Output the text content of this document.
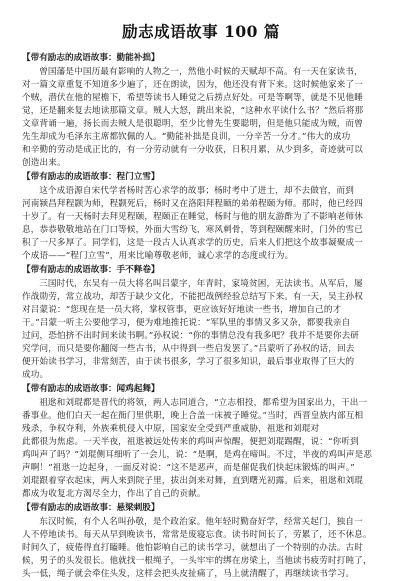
励志成语故事 100 篇
【带有励志的成语故事：勤能补拙】
曾国藩是中国历最有影响的人物之一，然他小时候的天赋却不高。有一天在家读书，
对一篇文章重复不知道多少遍了，还在朗读，因为，他还没有背下来。这时候他家来了一
个贼，潜伏在他的屋檐下，希望等读书人睡觉之后捞点好处。可是等啊等，就是不见他睡
觉，还是翻来复去地读那篇文章。贼人大怒，跳出来说，“这种水平读什么书？”然后将那
文章背诵一遍，扬长而去贼人是很聪明，至少比曾先生要聪明，但是他只能成为贼，而曾
先生却成为毛泽东主席都钦佩的人。“勤能补拙是良训，一分辛苦一分才。”伟大的成功
和辛勤的劳动是成正比的，有一分劳动就有一分收获，日积月累，从少到多，奇迹就可以
创造出来。
【带有励志的成语故事：程门立雪】
这个成语源自宋代学者杨时苦心求学的故事；杨时考中了进士，却不去做官，而到
河南颍昌拜程颢为师，程颢死后，杨时又在洛阳拜程颐的弟弟程颐为师。那时，他已经四
十岁了。有一天杨时去拜见程颐，程颐正在睡觉，杨时与他的朋友游酢为了不影响老师休
息，恭恭敬敬地站在门口等候，外面大雪纷飞，寒风刺骨，等到程颐醒来时，门外的雪已
积了一尺多厚了。同学们，这是一段古人认真求学的历史，后来人们把这个故事凝聚成一
个成语——“程门立雪”，用来比喻尊敬老师，诚心求学的态度或行为。
【带有励志的成语故事：手不释卷】
三国时代，东吴有一员大将名叫吕蒙字，年青时，家境贫困，无法读书。从军后，屡
作战勋劳，常立战功，却苦于缺少文化，不能把战例经验总结写下来。有一天，吴主孙权
对吕蒙说：“您现在是一员大将，掌权管事，更应该好好地读一些书，增加自己的才
干。”吕蒙一听主公要他学习，便为难地推托说：“军队里的事情又多又杂，都要我亲自
过问，恐怕挤不出时间来读书啊。”孙权说：“你的事情总没有我多吧？我并不是要你去研
究学问，而只是要你翻阅一些古书，从中得到一些启发罢了。”吕蒙听了孙权的话，回去
便开始读书学习，非常刻苦，由于读书很多，学习了很多知识，最后事业取得了巨大的
成功。
【带有励志的成语故事：闻鸡起舞】
祖逖和刘琨都是晋代的将领，两人志同道合，“立志相投，都希望为国家出力，干出一
番事业。他们白天一起在衙门里供职，晚上合盖一床被子睡觉。”当时，西晋皇族内部互相
残杀，争权夺利，外族乘机侵入中原，国家安全受到严重威胁，祖逖和刘琨对
此都很为焦虑。一天半夜，祖逖被远处传来的鸡叫声惊醒，便把刘琨踢醒，说：“你听到
鸡叫声了吗？”刘琨侧耳细听了一会儿，说：“是啊，是鸡在啼叫。不过，半夜的鸡叫声是恶
声啊！”祖逖一边起身，一面反对说：“这不是恶声，而是催促我们快起床锻炼的叫声。”
刘琨跟着穿衣起床，两人来到院子里，拔出剑来对舞，直到曙光初露。后来，祖逖和刘琨
都成为收复北方渴尽全力，作出了自己的贡献。
【带有励志的成语故事：悬梁刺股】
东汉时候，有个人名叫孙敬，是个政治家。他年轻时勤奋好学，经常关起门，独自一
人不停地读书。每天从早到晚读书，常常是废寝忘食。读书时间长了，劳累了，还不休息。
时间久了，疲倦得直打瞌睡。他怕影响自己的读书学习，就想出了一个特别的办法。古时
候，男子的头发很长。他就找一根绳子，一头牢牢的绑在房梁上，当他读书疲劳时打盹了，
头一低，绳子就会牵住头发，这样会把头皮扯痛了，马上就清醒了，再继续读书学习。
